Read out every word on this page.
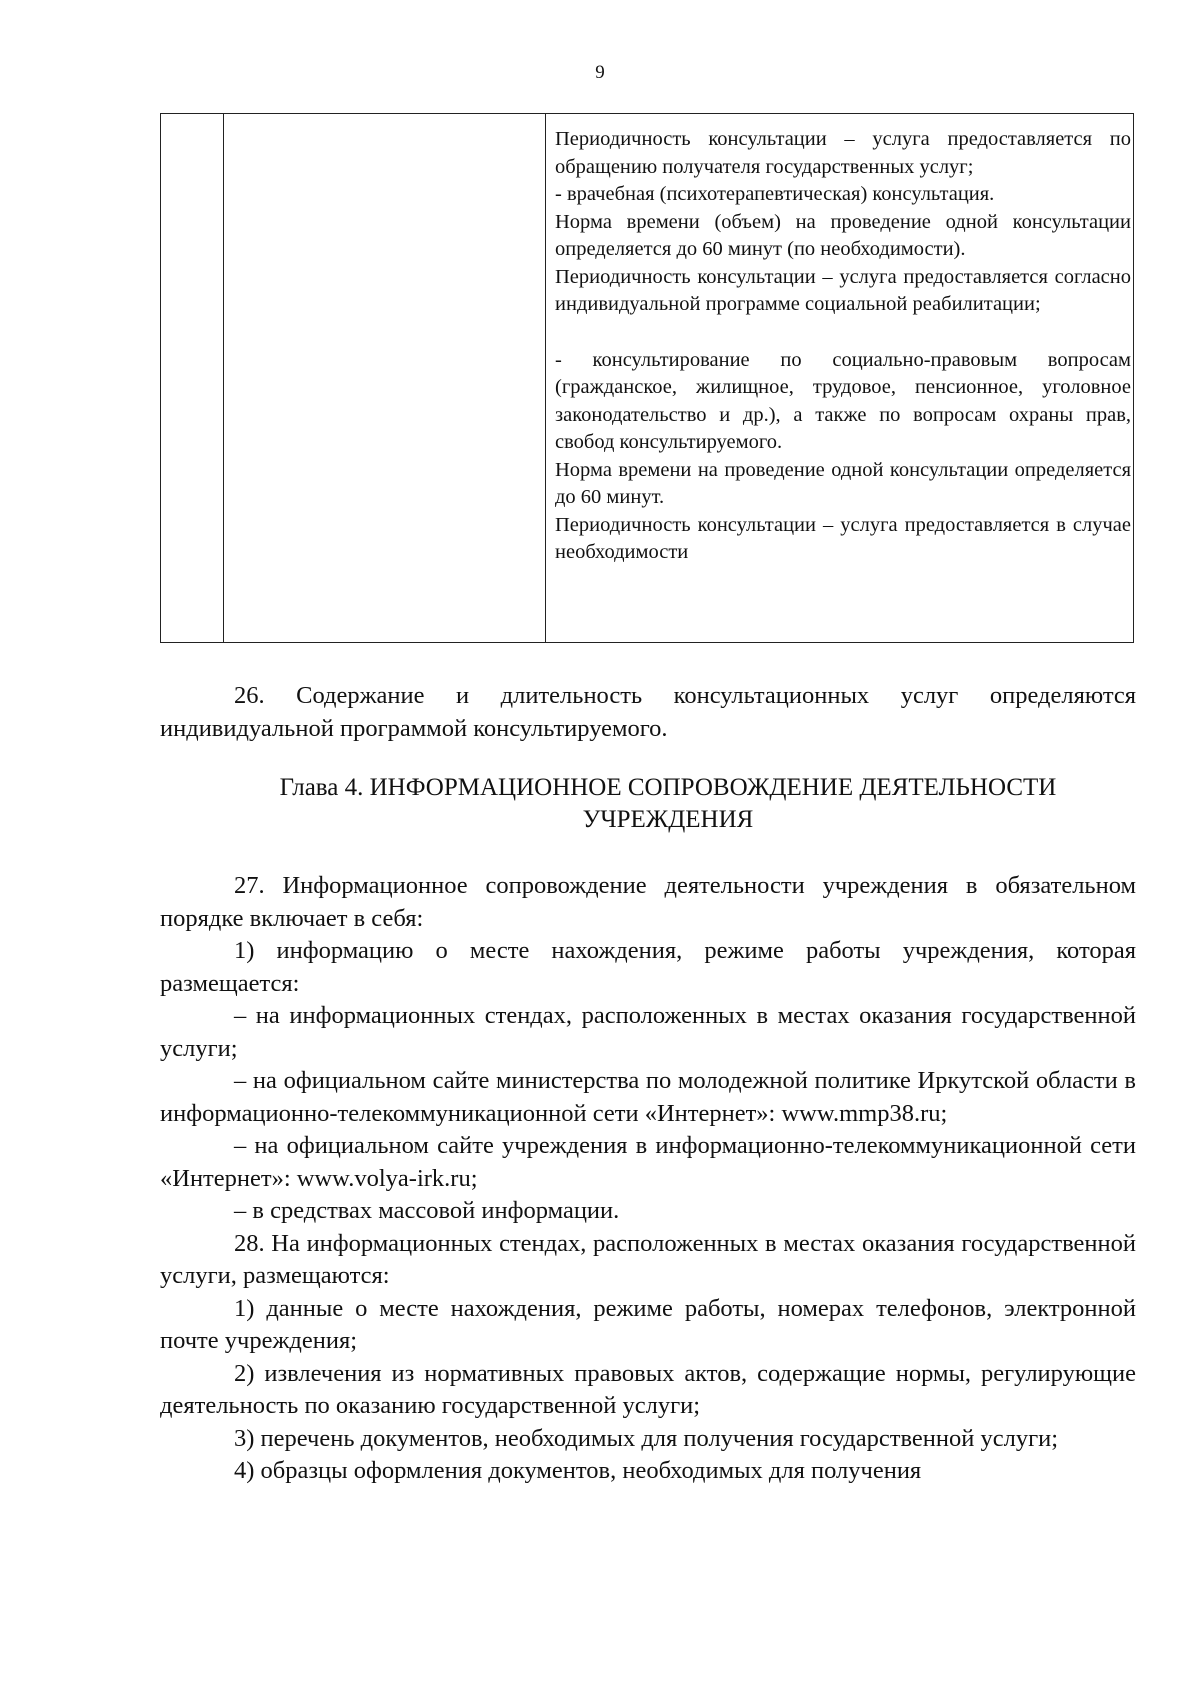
9

Периодичность консультации – услуга предоставляется по обращению получателя государственных услуг;

- врачебная (психотерапевтическая) консультация.

Норма времени (объем) на проведение одной консультации определяется до 60 минут (по необходимости).

Периодичность консультации – услуга предоставляется согласно индивидуальной программе социальной реабилитации;

- консультирование по социально-правовым вопросам (гражданское, жилищное, трудовое, пенсионное, уголовное законодательство и др.), а также по вопросам охраны прав, свобод консультируемого.

Норма времени на проведение одной консультации определяется до 60 минут.

Периодичность консультации – услуга предоставляется в случае необходимости

26. Содержание и длительность консультационных услуг определяются индивидуальной программой консультируемого.

Глава 4. ИНФОРМАЦИОННОЕ СОПРОВОЖДЕНИЕ ДЕЯТЕЛЬНОСТИ
УЧРЕЖДЕНИЯ

27. Информационное сопровождение деятельности учреждения в обязательном порядке включает в себя:

1) информацию о месте нахождения, режиме работы учреждения, которая размещается:

– на информационных стендах, расположенных в местах оказания государственной услуги;

– на официальном сайте министерства по молодежной политике Иркутской области в информационно-телекоммуникационной сети «Интернет»: www.mmp38.ru;

– на официальном сайте учреждения в информационно-телекоммуникационной сети «Интернет»: www.volya-irk.ru;

– в средствах массовой информации.

28. На информационных стендах, расположенных в местах оказания государственной услуги, размещаются:

1) данные о месте нахождения, режиме работы, номерах телефонов, электронной почте учреждения;

2) извлечения из нормативных правовых актов, содержащие нормы, регулирующие деятельность по оказанию государственной услуги;

3) перечень документов, необходимых для получения государственной услуги;

4) образцы оформления документов, необходимых для получения
